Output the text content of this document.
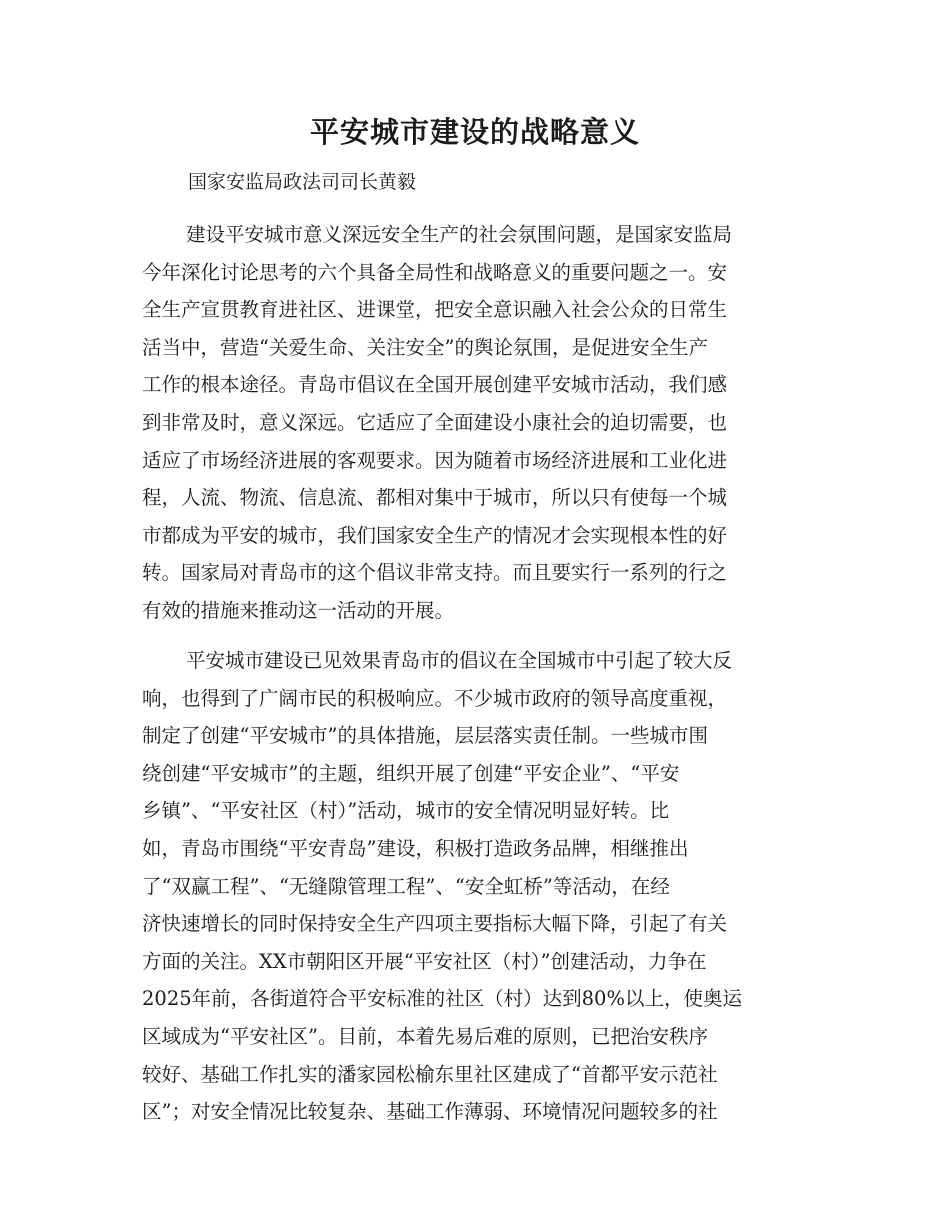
平安城市建设的战略意义

国家安监局政法司司长黄毅

建设平安城市意义深远安全生产的社会氛围问题，是国家安监局
今年深化讨论思考的六个具备全局性和战略意义的重要问题之一。安
全生产宣贯教育进社区、进课堂，把安全意识融入社会公众的日常生
活当中，营造“关爱生命、关注安全”的舆论氛围，是促进安全生产
工作的根本途径。青岛市倡议在全国开展创建平安城市活动，我们感
到非常及时，意义深远。它适应了全面建设小康社会的迫切需要，也
适应了市场经济进展的客观要求。因为随着市场经济进展和工业化进
程，人流、物流、信息流、都相对集中于城市，所以只有使每一个城
市都成为平安的城市，我们国家安全生产的情况才会实现根本性的好
转。国家局对青岛市的这个倡议非常支持。而且要实行一系列的行之
有效的措施来推动这一活动的开展。
平安城市建设已见效果青岛市的倡议在全国城市中引起了较大反
响，也得到了广阔市民的积极响应。不少城市政府的领导高度重视，
制定了创建“平安城市”的具体措施，层层落实责任制。一些城市围
绕创建“平安城市”的主题，组织开展了创建“平安企业”、“平安
乡镇”、“平安社区（村）”活动，城市的安全情况明显好转。比
如，青岛市围绕“平安青岛”建设，积极打造政务品牌，相继推出
了“双赢工程”、“无缝隙管理工程”、“安全虹桥”等活动，在经
济快速增长的同时保持安全生产四项主要指标大幅下降，引起了有关
方面的关注。XX市朝阳区开展“平安社区（村）”创建活动，力争在
2025年前，各街道符合平安标准的社区（村）达到80%以上，使奥运
区域成为“平安社区”。目前，本着先易后难的原则，已把治安秩序
较好、基础工作扎实的潘家园松榆东里社区建成了“首都平安示范社
区”；对安全情况比较复杂、基础工作薄弱、环境情况问题较多的社
